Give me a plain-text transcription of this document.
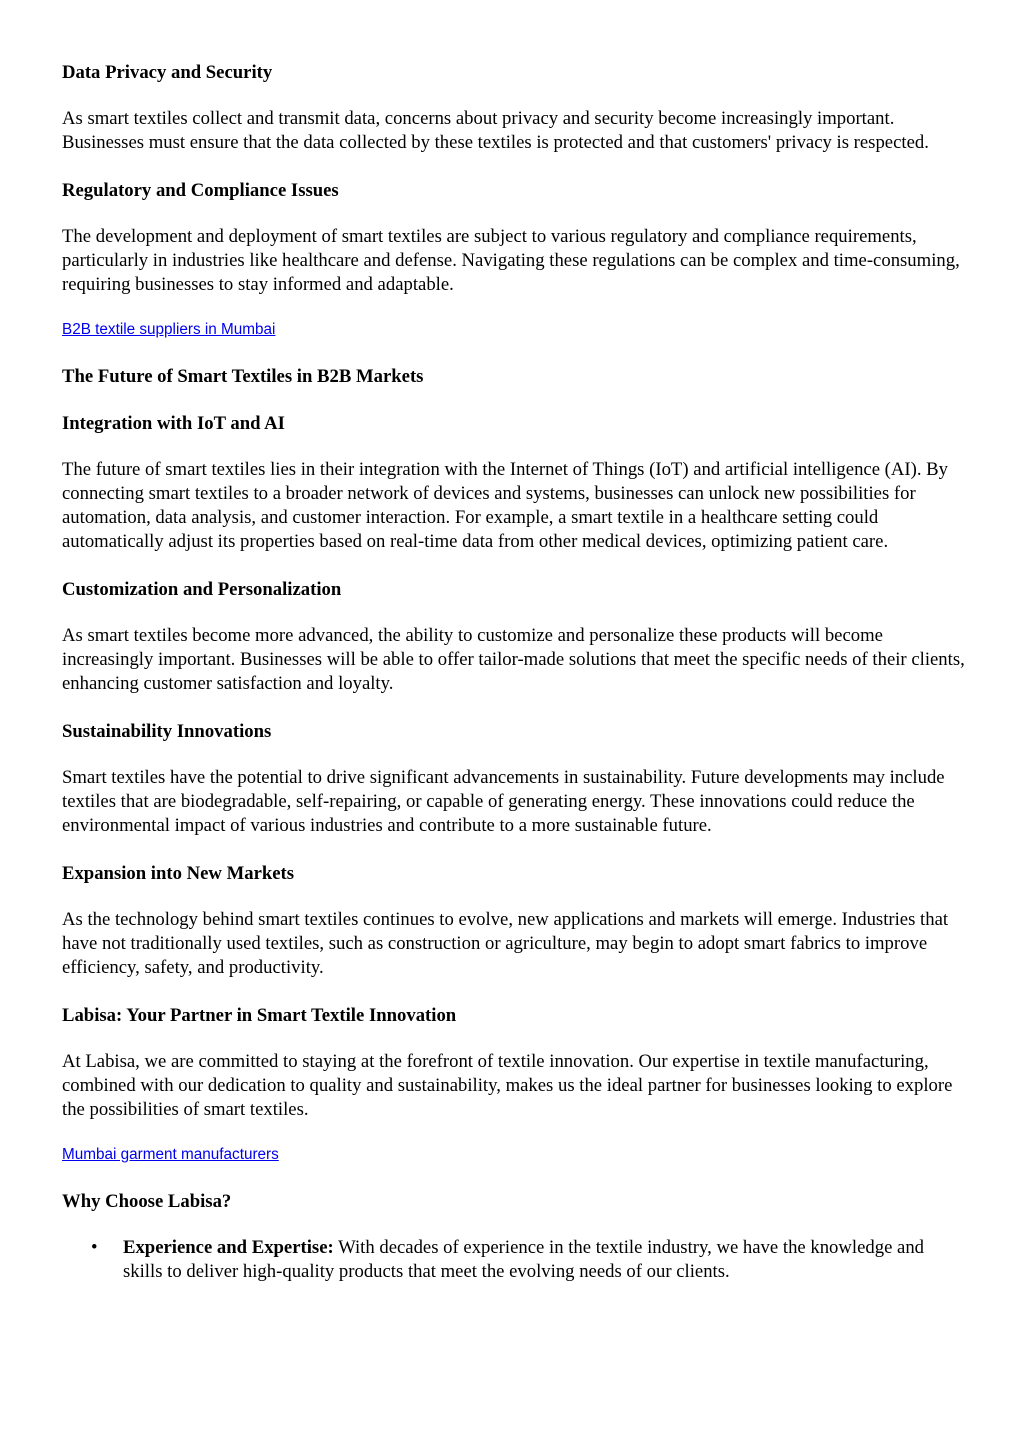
Data Privacy and Security

As smart textiles collect and transmit data, concerns about privacy and security become increasingly important. Businesses must ensure that the data collected by these textiles is protected and that customers' privacy is respected.

Regulatory and Compliance Issues

The development and deployment of smart textiles are subject to various regulatory and compliance requirements, particularly in industries like healthcare and defense. Navigating these regulations can be complex and time-consuming, requiring businesses to stay informed and adaptable.

B2B textile suppliers in Mumbai
The Future of Smart Textiles in B2B Markets
Integration with IoT and AI

The future of smart textiles lies in their integration with the Internet of Things (IoT) and artificial intelligence (AI). By connecting smart textiles to a broader network of devices and systems, businesses can unlock new possibilities for automation, data analysis, and customer interaction. For example, a smart textile in a healthcare setting could automatically adjust its properties based on real-time data from other medical devices, optimizing patient care.

Customization and Personalization

As smart textiles become more advanced, the ability to customize and personalize these products will become increasingly important. Businesses will be able to offer tailor-made solutions that meet the specific needs of their clients, enhancing customer satisfaction and loyalty.

Sustainability Innovations

Smart textiles have the potential to drive significant advancements in sustainability. Future developments may include textiles that are biodegradable, self-repairing, or capable of generating energy. These innovations could reduce the environmental impact of various industries and contribute to a more sustainable future.

Expansion into New Markets

As the technology behind smart textiles continues to evolve, new applications and markets will emerge. Industries that have not traditionally used textiles, such as construction or agriculture, may begin to adopt smart fabrics to improve efficiency, safety, and productivity.

Labisa: Your Partner in Smart Textile Innovation

At Labisa, we are committed to staying at the forefront of textile innovation. Our expertise in textile manufacturing, combined with our dedication to quality and sustainability, makes us the ideal partner for businesses looking to explore the possibilities of smart textiles.

Mumbai garment manufacturers
Why Choose Labisa?
• Experience and Expertise: With decades of experience in the textile industry, we have the knowledge and skills to deliver high-quality products that meet the evolving needs of our clients.
